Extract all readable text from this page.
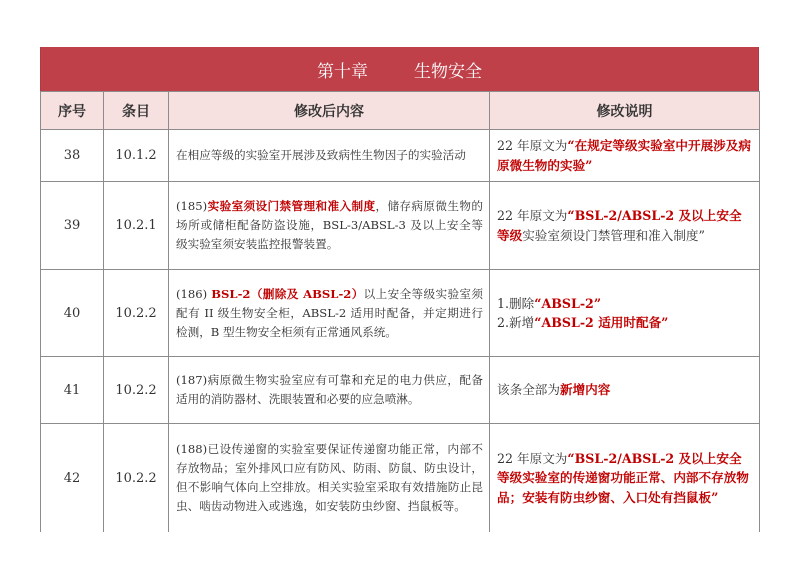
第十章	生物安全
序号	条目	修改后内容	修改说明
38	10.1.2	在相应等级的实验室开展涉及致病性生物因子的实验活动	22 年原文为“在规定等级实验室中开展涉及病原微生物的实验”
39	10.2.1	(185)实验室须设门禁管理和准入制度，储存病原微生物的场所或储柜配备防盗设施，BSL-3/ABSL-3 及以上安全等级实验室须安装监控报警装置。	22 年原文为“BSL-2/ABSL-2 及以上安全等级实验室须设门禁管理和准入制度”
40	10.2.2	(186) BSL-2（删除及 ABSL-2）以上安全等级实验室须配有 II 级生物安全柜，ABSL-2 适用时配备，并定期进行检测，B 型生物安全柜须有正常通风系统。	1.删除“ABSL-2”
2.新增“ABSL-2 适用时配备”

41	10.2.2	(187)病原微生物实验室应有可靠和充足的电力供应，配备适用的消防器材、洗眼装置和必要的应急喷淋。	该条全部为新增内容
42	10.2.2	(188)已设传递窗的实验室要保证传递窗功能正常，内部不存放物品；室外排风口应有防风、防雨、防鼠、防虫设计，但不影响气体向上空排放。相关实验室采取有效措施防止昆虫、啮齿动物进入或逃逸，如安装防虫纱窗、挡鼠板等。	22 年原文为“BSL-2/ABSL-2 及以上安全等级实验室的传递窗功能正常、内部不存放物品；安装有防虫纱窗、入口处有挡鼠板”
